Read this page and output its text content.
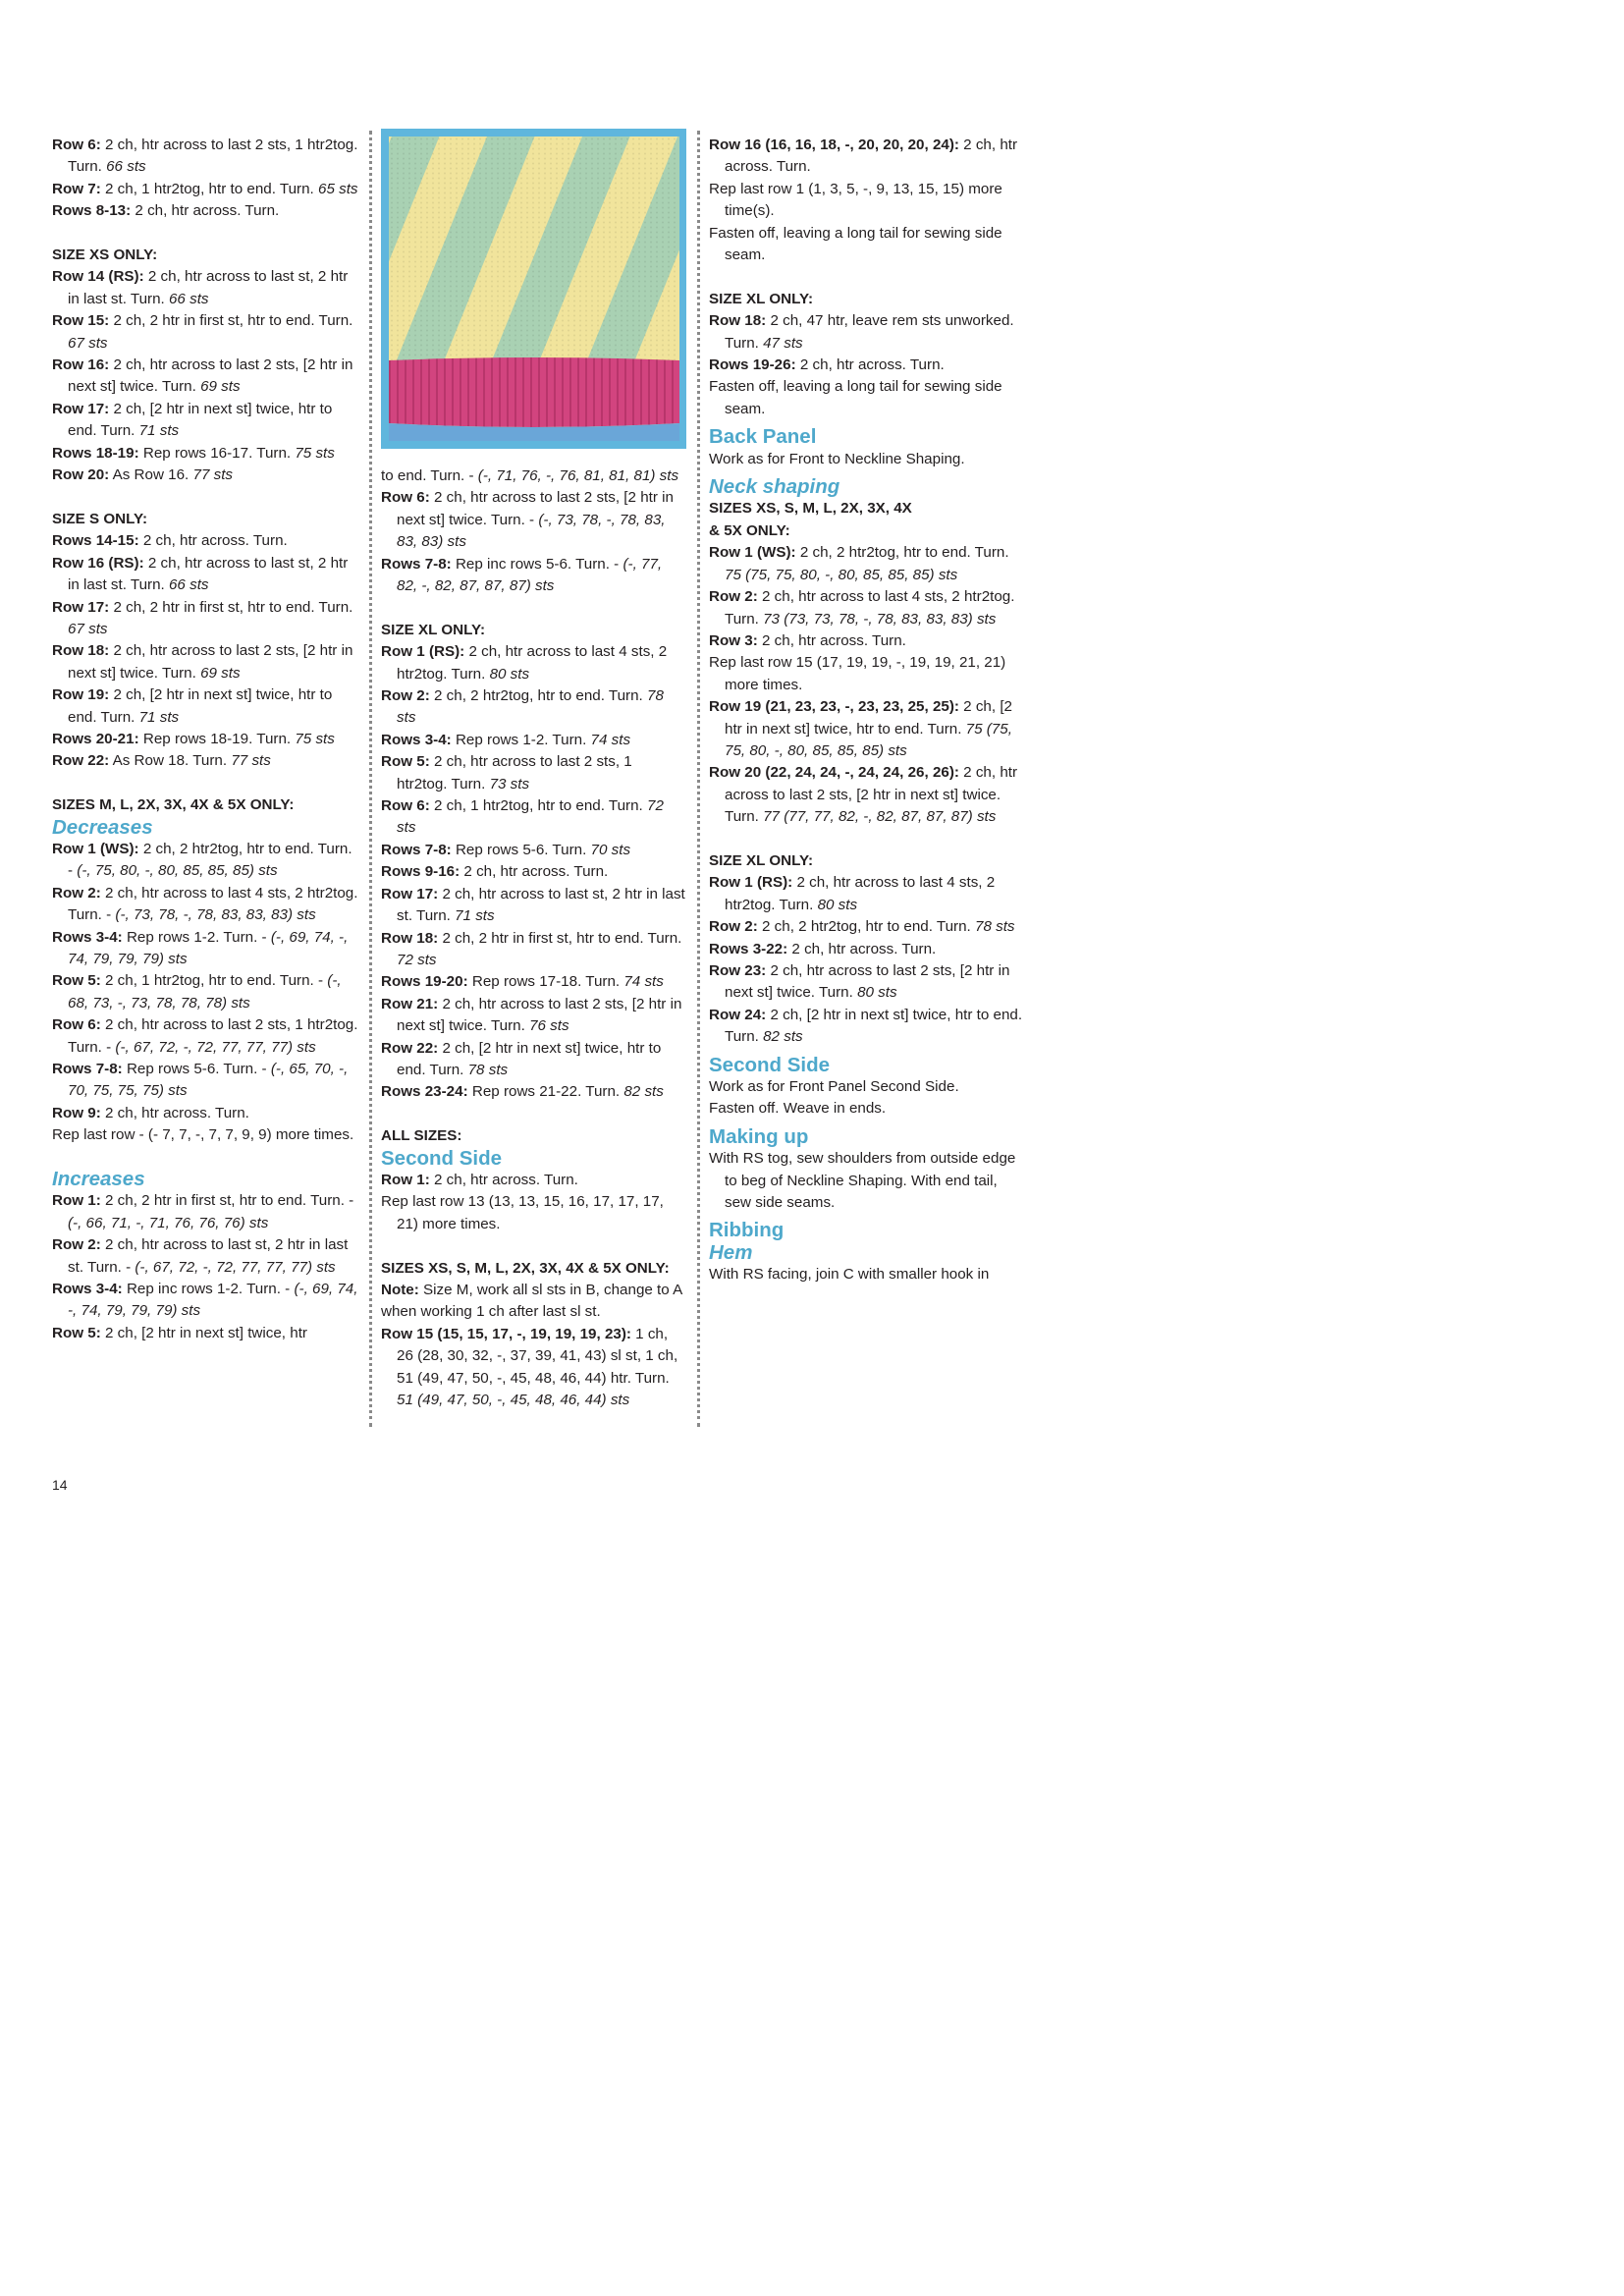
Row 6: 2 ch, htr across to last 2 sts, 1 htr2tog. Turn. 66 sts

Row 7: 2 ch, 1 htr2tog, htr to end. Turn. 65 sts

Rows 8-13: 2 ch, htr across. Turn.

SIZE XS ONLY:

Row 14 (RS): 2 ch, htr across to last st, 2 htr in last st. Turn. 66 sts

Row 15: 2 ch, 2 htr in first st, htr to end. Turn. 67 sts

Row 16: 2 ch, htr across to last 2 sts, [2 htr in next st] twice. Turn. 69 sts

Row 17: 2 ch, [2 htr in next st] twice, htr to end. Turn. 71 sts

Rows 18-19: Rep rows 16-17. Turn. 75 sts

Row 20: As Row 16. 77 sts

SIZE S ONLY:

Rows 14-15: 2 ch, htr across. Turn.

Row 16 (RS): 2 ch, htr across to last st, 2 htr in last st. Turn. 66 sts

Row 17: 2 ch, 2 htr in first st, htr to end. Turn. 67 sts

Row 18: 2 ch, htr across to last 2 sts, [2 htr in next st] twice. Turn. 69 sts

Row 19: 2 ch, [2 htr in next st] twice, htr to end. Turn. 71 sts

Rows 20-21: Rep rows 18-19. Turn. 75 sts

Row 22: As Row 18. Turn. 77 sts

SIZES M, L, 2X, 3X, 4X & 5X ONLY:
Decreases

Row 1 (WS): 2 ch, 2 htr2tog, htr to end. Turn. - (-, 75, 80, -, 80, 85, 85, 85) sts

Row 2: 2 ch, htr across to last 4 sts, 2 htr2tog. Turn. - (-, 73, 78, -, 78, 83, 83, 83) sts

Rows 3-4: Rep rows 1-2. Turn. - (-, 69, 74, -, 74, 79, 79, 79) sts

Row 5: 2 ch, 1 htr2tog, htr to end. Turn. - (-, 68, 73, -, 73, 78, 78, 78) sts

Row 6: 2 ch, htr across to last 2 sts, 1 htr2tog. Turn. - (-, 67, 72, -, 72, 77, 77, 77) sts

Rows 7-8: Rep rows 5-6. Turn. - (-, 65, 70, -, 70, 75, 75, 75) sts

Row 9: 2 ch, htr across. Turn.

Rep last row - (- 7, 7, -, 7, 7, 9, 9) more times.

Increases

Row 1: 2 ch, 2 htr in first st, htr to end. Turn. - (-, 66, 71, -, 71, 76, 76, 76) sts

Row 2: 2 ch, htr across to last st, 2 htr in last st. Turn. - (-, 67, 72, -, 72, 77, 77, 77) sts

Rows 3-4: Rep inc rows 1-2. Turn. - (-, 69, 74, -, 74, 79, 79, 79) sts

Row 5: 2 ch, [2 htr in next st] twice, htr

to end. Turn. - (-, 71, 76, -, 76, 81, 81, 81) sts

Row 6: 2 ch, htr across to last 2 sts, [2 htr in next st] twice. Turn. - (-, 73, 78, -, 78, 83, 83, 83) sts

Rows 7-8: Rep inc rows 5-6. Turn. - (-, 77, 82, -, 82, 87, 87, 87) sts

SIZE XL ONLY:

Row 1 (RS): 2 ch, htr across to last 4 sts, 2 htr2tog. Turn. 80 sts

Row 2: 2 ch, 2 htr2tog, htr to end. Turn. 78 sts

Rows 3-4: Rep rows 1-2. Turn. 74 sts

Row 5: 2 ch, htr across to last 2 sts, 1 htr2tog. Turn. 73 sts

Row 6: 2 ch, 1 htr2tog, htr to end. Turn. 72 sts

Rows 7-8: Rep rows 5-6. Turn. 70 sts

Rows 9-16: 2 ch, htr across. Turn.

Row 17: 2 ch, htr across to last st, 2 htr in last st. Turn. 71 sts

Row 18: 2 ch, 2 htr in first st, htr to end. Turn. 72 sts

Rows 19-20: Rep rows 17-18. Turn. 74 sts

Row 21: 2 ch, htr across to last 2 sts, [2 htr in next st] twice. Turn. 76 sts

Row 22: 2 ch, [2 htr in next st] twice, htr to end. Turn. 78 sts

Rows 23-24: Rep rows 21-22. Turn. 82 sts

ALL SIZES:
Second Side

Row 1: 2 ch, htr across. Turn.

Rep last row 13 (13, 13, 15, 16, 17, 17, 17, 21) more times.

SIZES XS, S, M, L, 2X, 3X, 4X & 5X ONLY:

Note: Size M, work all sl sts in B, change to A when working 1 ch after last sl st.

Row 15 (15, 15, 17, -, 19, 19, 19, 23): 1 ch, 26 (28, 30, 32, -, 37, 39, 41, 43) sl st, 1 ch, 51 (49, 47, 50, -, 45, 48, 46, 44) htr. Turn. 51 (49, 47, 50, -, 45, 48, 46, 44) sts

Row 16 (16, 16, 18, -, 20, 20, 20, 24): 2 ch, htr across. Turn.

Rep last row 1 (1, 3, 5, -, 9, 13, 15, 15) more time(s).

Fasten off, leaving a long tail for sewing side seam.

SIZE XL ONLY:

Row 18: 2 ch, 47 htr, leave rem sts unworked. Turn. 47 sts

Rows 19-26: 2 ch, htr across. Turn.

Fasten off, leaving a long tail for sewing side seam.

Back Panel

Work as for Front to Neckline Shaping.

Neck shaping
SIZES XS, S, M, L, 2X, 3X, 4X
& 5X ONLY:

Row 1 (WS): 2 ch, 2 htr2tog, htr to end. Turn. 75 (75, 75, 80, -, 80, 85, 85, 85) sts

Row 2: 2 ch, htr across to last 4 sts, 2 htr2tog. Turn. 73 (73, 73, 78, -, 78, 83, 83, 83) sts

Row 3: 2 ch, htr across. Turn.

Rep last row 15 (17, 19, 19, -, 19, 19, 21, 21) more times.

Row 19 (21, 23, 23, -, 23, 23, 25, 25): 2 ch, [2 htr in next st] twice, htr to end. Turn. 75 (75, 75, 80, -, 80, 85, 85, 85) sts

Row 20 (22, 24, 24, -, 24, 24, 26, 26): 2 ch, htr across to last 2 sts, [2 htr in next st] twice. Turn. 77 (77, 77, 82, -, 82, 87, 87, 87) sts

SIZE XL ONLY:

Row 1 (RS): 2 ch, htr across to last 4 sts, 2 htr2tog. Turn. 80 sts

Row 2: 2 ch, 2 htr2tog, htr to end. Turn. 78 sts

Rows 3-22: 2 ch, htr across. Turn.

Row 23: 2 ch, htr across to last 2 sts, [2 htr in next st] twice. Turn. 80 sts

Row 24: 2 ch, [2 htr in next st] twice, htr to end. Turn. 82 sts

Second Side

Work as for Front Panel Second Side.

Fasten off. Weave in ends.

Making up

With RS tog, sew shoulders from outside edge to beg of Neckline Shaping. With end tail, sew side seams.

Ribbing
Hem

With RS facing, join C with smaller hook in

14
